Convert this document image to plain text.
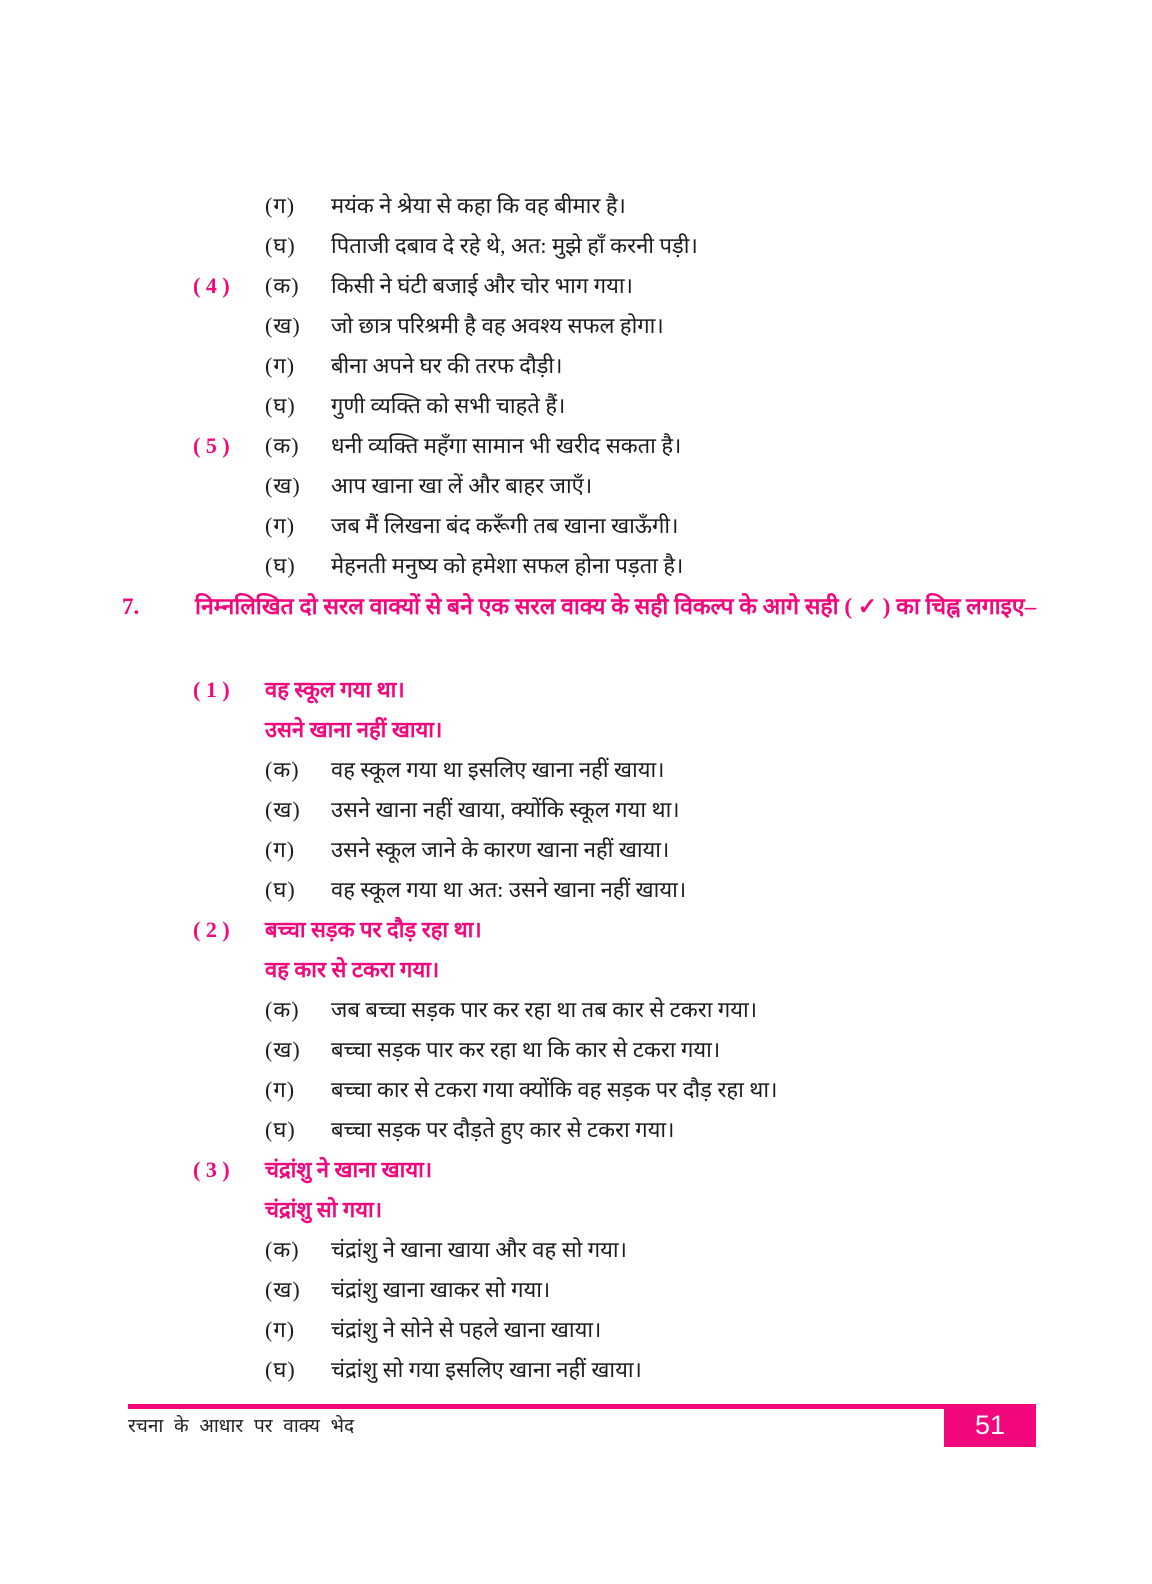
(ग)	मयंक ने श्रेया से कहा कि वह बीमार है।
(घ)	पिताजी दबाव दे रहे थे, अत: मुझे हाँ करनी पड़ी।
( 4 )	(क)	किसी ने घंटी बजाई और चोर भाग गया।
(ख)	जो छात्र परिश्रमी है वह अवश्य सफल होगा।
(ग)	बीना अपने घर की तरफ दौड़ी।
(घ)	गुणी व्यक्ति को सभी चाहते हैं।
( 5 )	(क)	धनी व्यक्ति महँगा सामान भी खरीद सकता है।
(ख)	आप खाना खा लें और बाहर जाएँ।
(ग)	जब मैं लिखना बंद करूँगी तब खाना खाऊँगी।
(घ)	मेहनती मनुष्य को हमेशा सफल होना पड़ता है।
7.	निम्नलिखित दो सरल वाक्यों से बने एक सरल वाक्य के सही विकल्प के आगे सही ( ✓ ) का चिह्न लगाइए–
( 1 )	वह स्कूल गया था।
उसने खाना नहीं खाया।
(क)	वह स्कूल गया था इसलिए खाना नहीं खाया।
(ख)	उसने खाना नहीं खाया, क्योंकि स्कूल गया था।
(ग)	उसने स्कूल जाने के कारण खाना नहीं खाया।
(घ)	वह स्कूल गया था अत: उसने खाना नहीं खाया।
( 2 )	बच्चा सड़क पर दौड़ रहा था।
वह कार से टकरा गया।
(क)	जब बच्चा सड़क पार कर रहा था तब कार से टकरा गया।
(ख)	बच्चा सड़क पार कर रहा था कि कार से टकरा गया।
(ग)	बच्चा कार से टकरा गया क्योंकि वह सड़क पर दौड़ रहा था।
(घ)	बच्चा सड़क पर दौड़ते हुए कार से टकरा गया।
( 3 )	चंद्रांशु ने खाना खाया।
चंद्रांशु सो गया।
(क)	चंद्रांशु ने खाना खाया और वह सो गया।
(ख)	चंद्रांशु खाना खाकर सो गया।
(ग)	चंद्रांशु ने सोने से पहले खाना खाया।
(घ)	चंद्रांशु सो गया इसलिए खाना नहीं खाया।
रचना के आधार पर वाक्य भेद	51
